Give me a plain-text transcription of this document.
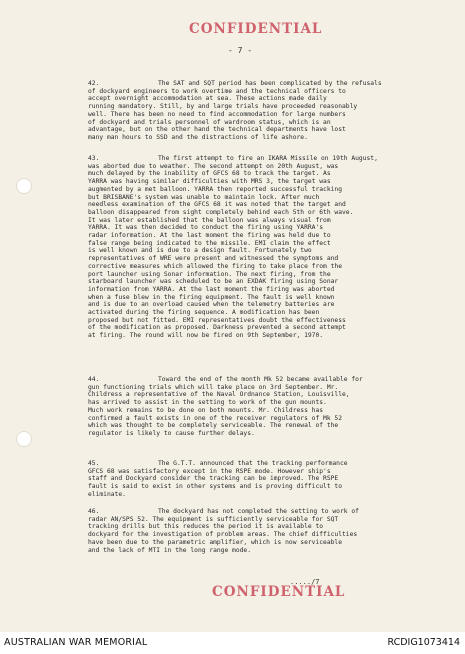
CONFIDENTIAL
- 7 -
42.	The SAT and SQT period has been complicated by the refusals
of dockyard engineers to work overtime and the technical officers to
accept overnight accommodation at sea. These actions made daily
running mandatory. Still, by and large trials have proceeded reasonably
well. There has been no need to find accommodation for large numbers
of dockyard and trials personnel of wardroom status, which is an
advantage, but on the other hand the technical departments have lost
many man hours to SSD and the distractions of life ashore.
43.	The first attempt to fire an IKARA Missile on 19th August,
was aborted due to weather. The second attempt on 20th August, was
much delayed by the inability of GFCS 68 to track the target. As
YARRA was having similar difficulties with MRS 3, the target was
augmented by a met balloon. YARRA then reported successful tracking
but BRISBANE's system was unable to maintain lock. After much
needless examination of the GFCS 68 it was noted that the target and
balloon disappeared from sight completely behind each 5th or 6th wave.
It was later established that the balloon was always visual from
YARRA. It was then decided to conduct the firing using YARRA's
radar information. At the last moment the firing was held due to
false range being indicated to the missile. EMI claim the effect
is well known and is due to a design fault. Fortunately two
representatives of WRE were present and witnessed the symptoms and
corrective measures which allowed the firing to take place from the
port launcher using Sonar information. The next firing, from the
starboard launcher was scheduled to be an EXDAK firing using Sonar
information from YARRA. At the last moment the firing was aborted
when a fuse blew in the firing equipment. The fault is well known
and is due to an overload caused when the telemetry batteries are
activated during the firing sequence. A modification has been
proposed but not fitted. EMI representatives doubt the effectiveness
of the modification as proposed. Darkness prevented a second attempt
at firing. The round will now be fired on 9th September, 1970.
44.	Toward the end of the month Mk 52 became available for
gun functioning trials which will take place on 3rd September. Mr.
Childress a representative of the Naval Ordnance Station, Louisville,
has arrived to assist in the setting to work of the gun mounts.
Much work remains to be done on both mounts. Mr. Childress has
confirmed a fault exists in one of the receiver regulators of Mk 52
which was thought to be completely serviceable. The renewal of the
regulator is likely to cause further delays.
45.	The G.T.T. announced that the tracking performance
GFCS 68 was satisfactory except in the RSPE mode. However ship's
staff and Dockyard consider the tracking can be improved. The RSPE
fault is said to exist in other systems and is proving difficult to
eliminate.
46.	The dockyard has not completed the setting to work of
radar AN/SPS 52. The equipment is sufficiently serviceable for SQT
tracking drills but this reduces the period it is available to
dockyard for the investigation of problem areas. The chief difficulties
have been due to the parametric amplifier, which is now serviceable
and the lack of MTI in the long range mode.
...../7
CONFIDENTIAL
AUSTRALIAN WAR MEMORIAL	RCDIG1073414
